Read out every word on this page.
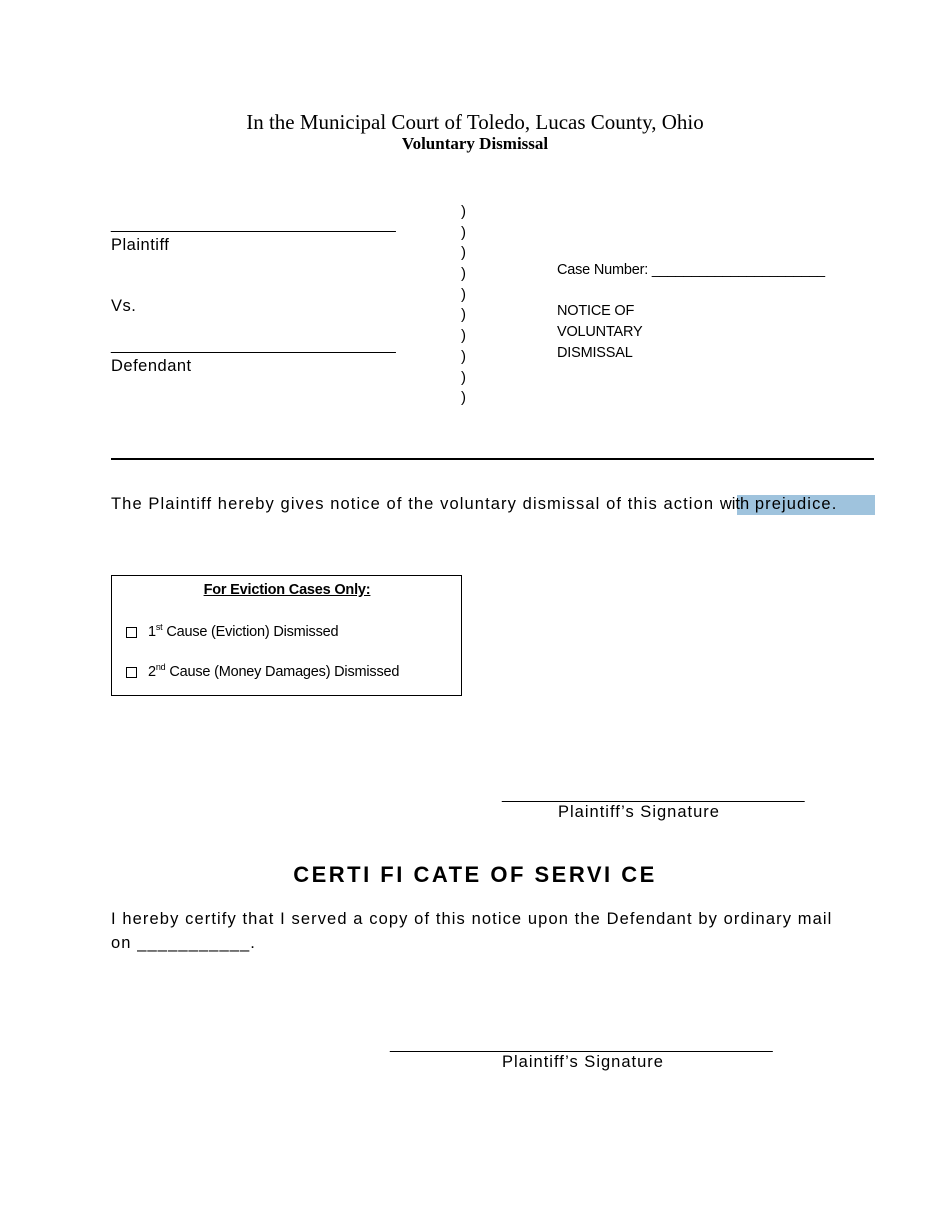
In the Municipal Court of Toledo, Lucas County, Ohio
Voluntary Dismissal
________________________________
Plaintiff
Vs.
________________________________
Defendant
)
)
)
)
)
)
)
)
)
)
Case Number: ______________________
NOTICE OF
VOLUNTARY
DISMISSAL
The Plaintiff hereby gives notice of the voluntary dismissal of this action with prejudice.
For Eviction Cases Only:
1st Cause (Eviction) Dismissed
2nd Cause (Money Damages) Dismissed
__________________________________
Plaintiff’s Signature
CERTI FI CATE OF SERVI CE
I hereby certify that I served a copy of this notice upon the Defendant by ordinary mail on ___________.
___________________________________________
Plaintiff’s Signature
